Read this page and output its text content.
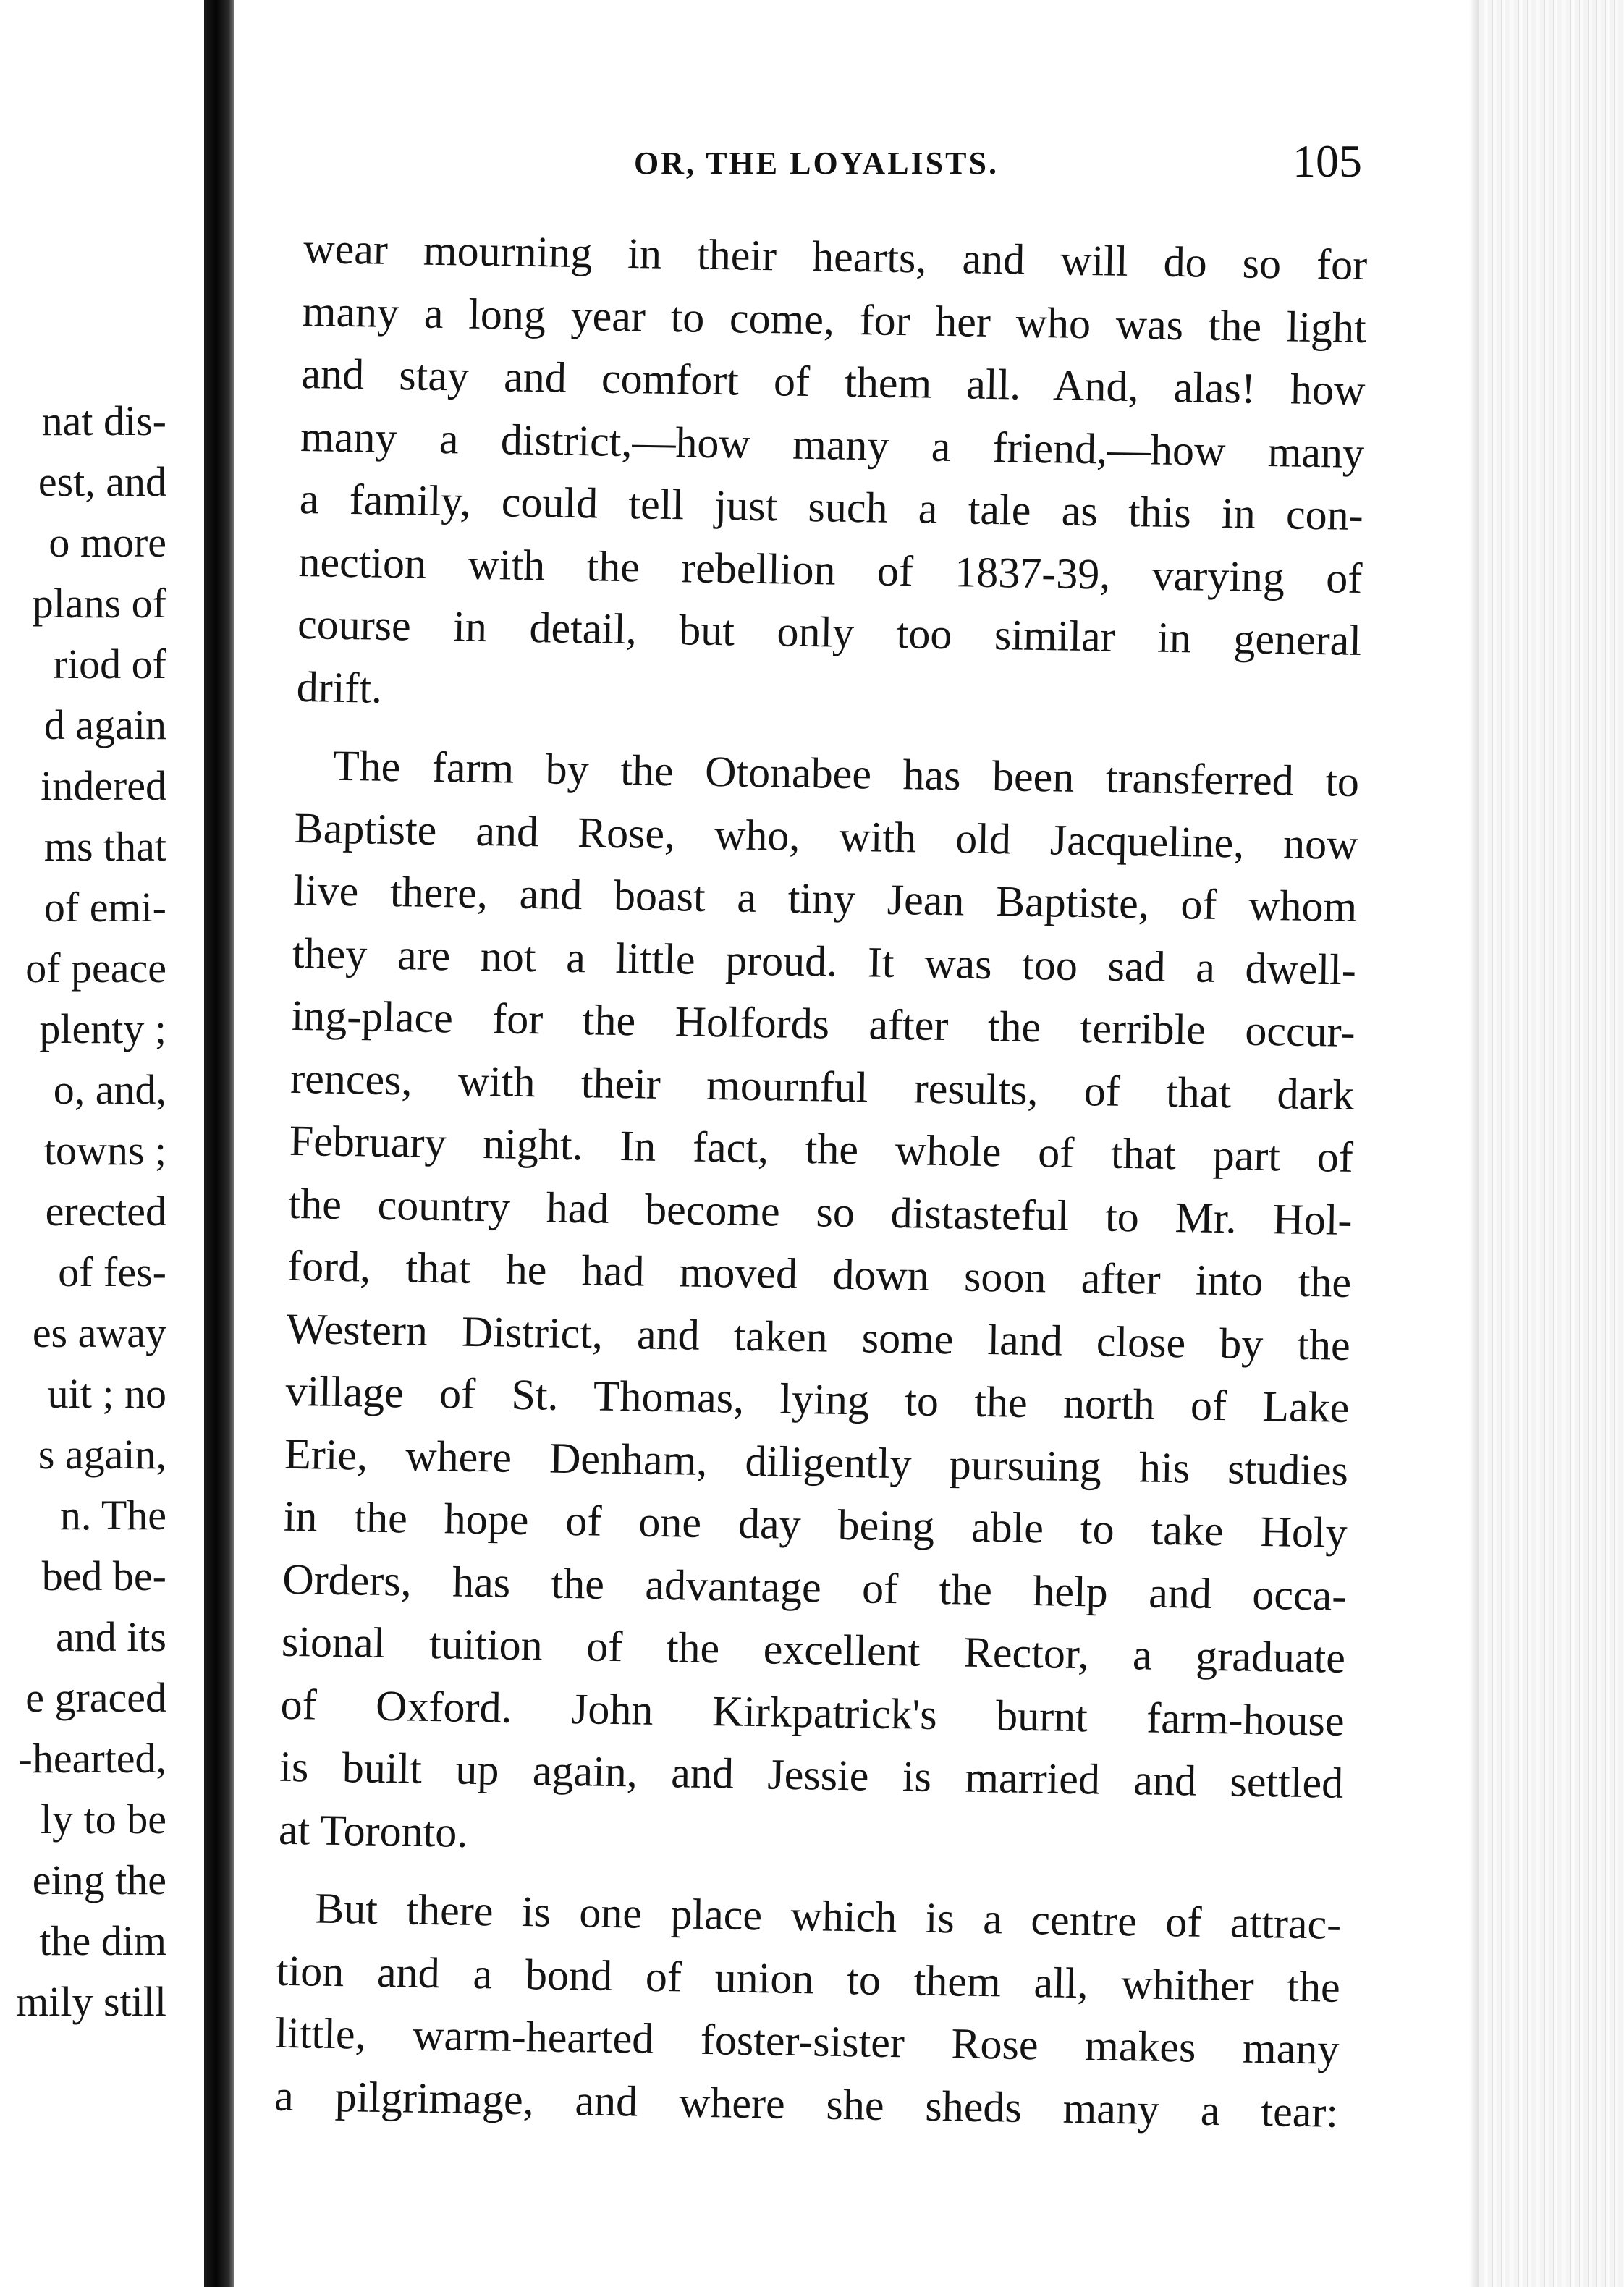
nat dis-
est, and
o more
plans of
riod of
d again
indered
ms that
of emi-
of peace
plenty ;
o, and,
towns ;
erected
of fes-
es away
uit ; no
s again,
n. The
bed be-
and its
e graced
-hearted,
ly to be
eing the
the dim
mily still
OR, THE LOYALISTS.	105
wear mourning in their hearts, and will do so for
many a long year to come, for her who was the light
and stay and comfort of them all. And, alas! how
many a district,—how many a friend,—how many
a family, could tell just such a tale as this in con-
nection with the rebellion of 1837-39, varying of
course in detail, but only too similar in general
drift.
The farm by the Otonabee has been transferred to
Baptiste and Rose, who, with old Jacqueline, now
live there, and boast a tiny Jean Baptiste, of whom
they are not a little proud. It was too sad a dwell-
ing-place for the Holfords after the terrible occur-
rences, with their mournful results, of that dark
February night. In fact, the whole of that part of
the country had become so distasteful to Mr. Hol-
ford, that he had moved down soon after into the
Western District, and taken some land close by the
village of St. Thomas, lying to the north of Lake
Erie, where Denham, diligently pursuing his studies
in the hope of one day being able to take Holy
Orders, has the advantage of the help and occa-
sional tuition of the excellent Rector, a graduate
of Oxford. John Kirkpatrick's burnt farm-house
is built up again, and Jessie is married and settled
at Toronto.
But there is one place which is a centre of attrac-
tion and a bond of union to them all, whither the
little, warm-hearted foster-sister Rose makes many
a pilgrimage, and where she sheds many a tear:
